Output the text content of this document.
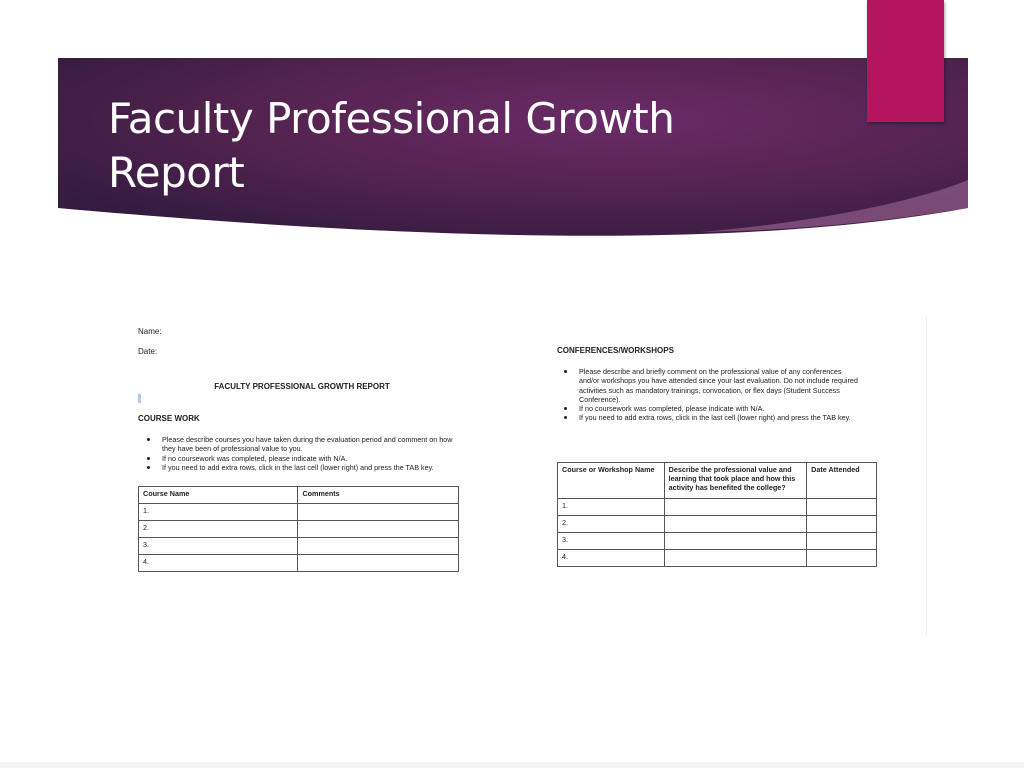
Faculty Professional Growth Report
Name:
Date:
FACULTY PROFESSIONAL GROWTH REPORT
COURSE WORK
Please describe courses you have taken during the evaluation period and comment on how they have been of professional value to you.
If no coursework was completed, please indicate with N/A.
If you need to add extra rows, click in the last cell (lower right) and press the TAB key.
Course Name	Comments
1.	
2.	
3.	
4.	
CONFERENCES/WORKSHOPS
Please describe and briefly comment on the professional value of any conferences and/or workshops you have attended since your last evaluation. Do not include required activities such as mandatory trainings, convocation, or flex days (Student Success Conference).
If no coursework was completed, please indicate with N/A.
If you need to add extra rows, click in the last cell (lower right) and press the TAB key.
Course or Workshop Name	Describe the professional value and learning that took place and how this activity has benefited the college?	Date Attended
1.		
2.		
3.		
4.		
